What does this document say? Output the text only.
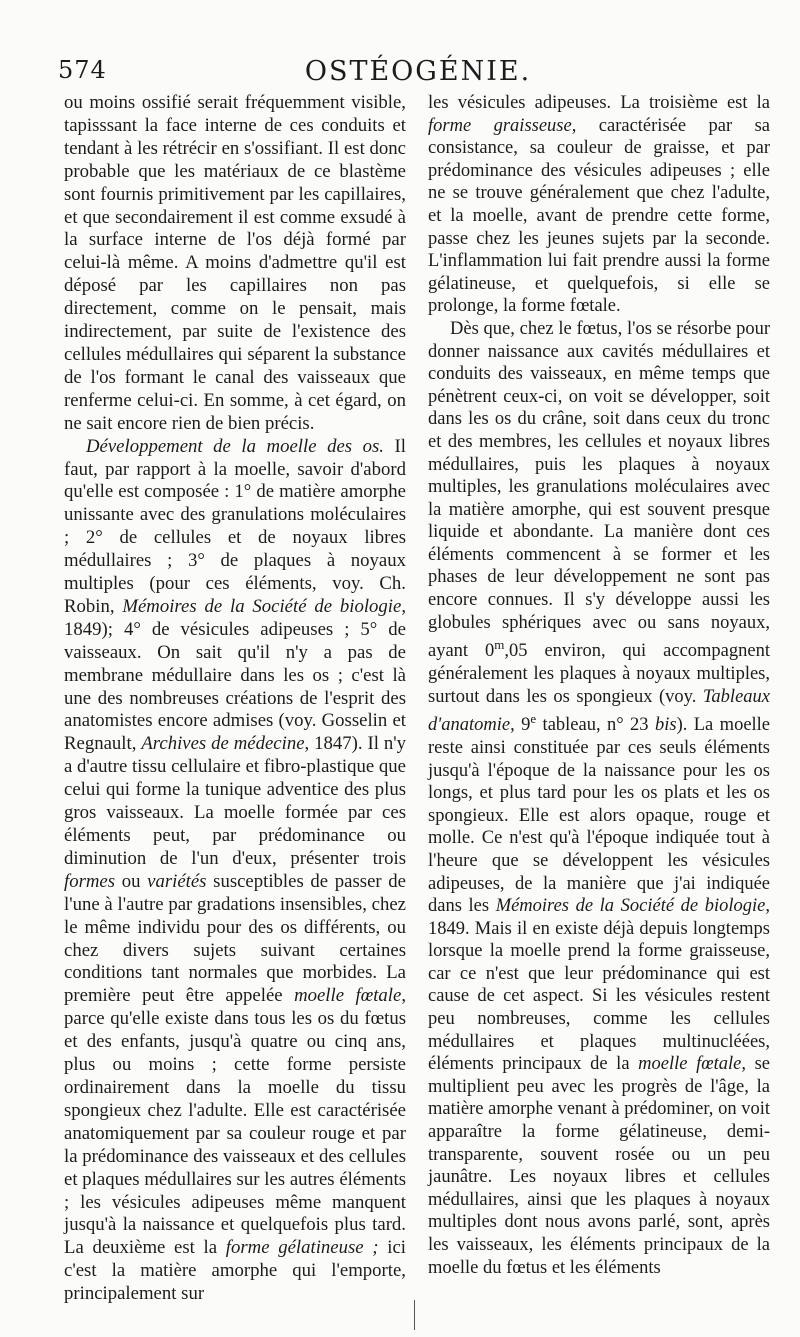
OSTÉOGÉNIE.
574

ou moins ossifié serait fréquemment visible, tapisssant la face interne de ces conduits et tendant à les rétrécir en s'ossifiant. Il est donc probable que les matériaux de ce blastème sont fournis primitivement par les capillaires, et que secondairement il est comme exsudé à la surface interne de l'os déjà formé par celui-là même. A moins d'admettre qu'il est déposé par les capillaires non pas directement, comme on le pensait, mais indirectement, par suite de l'existence des cellules médullaires qui séparent la substance de l'os formant le canal des vaisseaux que renferme celui-ci. En somme, à cet égard, on ne sait encore rien de bien précis.

Développement de la moelle des os. Il faut, par rapport à la moelle, savoir d'abord qu'elle est composée : 1° de matière amorphe unissante avec des granulations moléculaires ; 2° de cellules et de noyaux libres médullaires ; 3° de plaques à noyaux multiples (pour ces éléments, voy. Ch. Robin, Mémoires de la Société de biologie, 1849); 4° de vésicules adipeuses ; 5° de vaisseaux. On sait qu'il n'y a pas de membrane médullaire dans les os ; c'est là une des nombreuses créations de l'esprit des anatomistes encore admises (voy. Gosselin et Regnault, Archives de médecine, 1847). Il n'y a d'autre tissu cellulaire et fibro-plastique que celui qui forme la tunique adventice des plus gros vaisseaux. La moelle formée par ces éléments peut, par prédominance ou diminution de l'un d'eux, présenter trois formes ou variétés susceptibles de passer de l'une à l'autre par gradations insensibles, chez le même individu pour des os différents, ou chez divers sujets suivant certaines conditions tant normales que morbides. La première peut être appelée moelle fœtale, parce qu'elle existe dans tous les os du fœtus et des enfants, jusqu'à quatre ou cinq ans, plus ou moins ; cette forme persiste ordinairement dans la moelle du tissu spongieux chez l'adulte. Elle est caractérisée anatomiquement par sa couleur rouge et par la prédominance des vaisseaux et des cellules et plaques médullaires sur les autres éléments ; les vésicules adipeuses même manquent jusqu'à la naissance et quelquefois plus tard. La deuxième est la forme gélatineuse ; ici c'est la matière amorphe qui l'emporte, principalement sur

les vésicules adipeuses. La troisième est la forme graisseuse, caractérisée par sa consistance, sa couleur de graisse, et par prédominance des vésicules adipeuses ; elle ne se trouve généralement que chez l'adulte, et la moelle, avant de prendre cette forme, passe chez les jeunes sujets par la seconde. L'inflammation lui fait prendre aussi la forme gélatineuse, et quelquefois, si elle se prolonge, la forme fœtale.

Dès que, chez le fœtus, l'os se résorbe pour donner naissance aux cavités médullaires et conduits des vaisseaux, en même temps que pénètrent ceux-ci, on voit se développer, soit dans les os du crâne, soit dans ceux du tronc et des membres, les cellules et noyaux libres médullaires, puis les plaques à noyaux multiples, les granulations moléculaires avec la matière amorphe, qui est souvent presque liquide et abondante. La manière dont ces éléments commencent à se former et les phases de leur développement ne sont pas encore connues. Il s'y développe aussi les globules sphériques avec ou sans noyaux, ayant 0$^m$,05 environ, qui accompagnent généralement les plaques à noyaux multiples, surtout dans les os spongieux (voy. Tableaux d'anatomie, 9e tableau, n° 23 bis). La moelle reste ainsi constituée par ces seuls éléments jusqu'à l'époque de la naissance pour les os longs, et plus tard pour les os plats et les os spongieux. Elle est alors opaque, rouge et molle. Ce n'est qu'à l'époque indiquée tout à l'heure que se développent les vésicules adipeuses, de la manière que j'ai indiquée dans les Mémoires de la Société de biologie, 1849. Mais il en existe déjà depuis longtemps lorsque la moelle prend la forme graisseuse, car ce n'est que leur prédominance qui est cause de cet aspect. Si les vésicules restent peu nombreuses, comme les cellules médullaires et plaques multinucléées, éléments principaux de la moelle fœtale, se multiplient peu avec les progrès de l'âge, la matière amorphe venant à prédominer, on voit apparaître la forme gélatineuse, demi-transparente, souvent rosée ou un peu jaunâtre. Les noyaux libres et cellules médullaires, ainsi que les plaques à noyaux multiples dont nous avons parlé, sont, après les vaisseaux, les éléments principaux de la moelle du fœtus et les éléments
